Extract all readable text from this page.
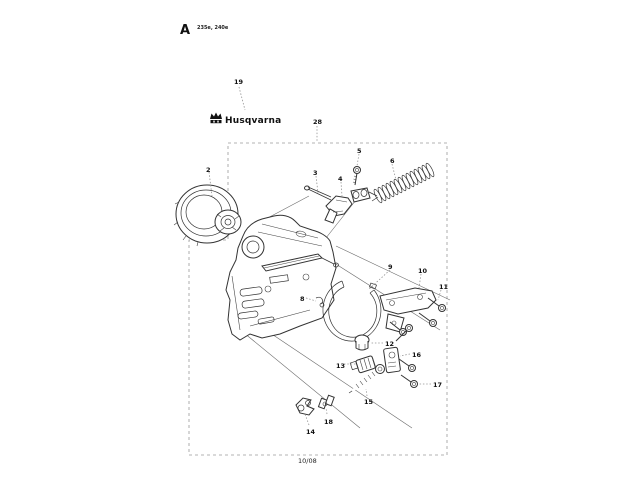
A 235e, 240e
2	3
4
5
6
8
9	10
11
12
13
14
15
16
17
18
19
28
Husqvarna
10/08
